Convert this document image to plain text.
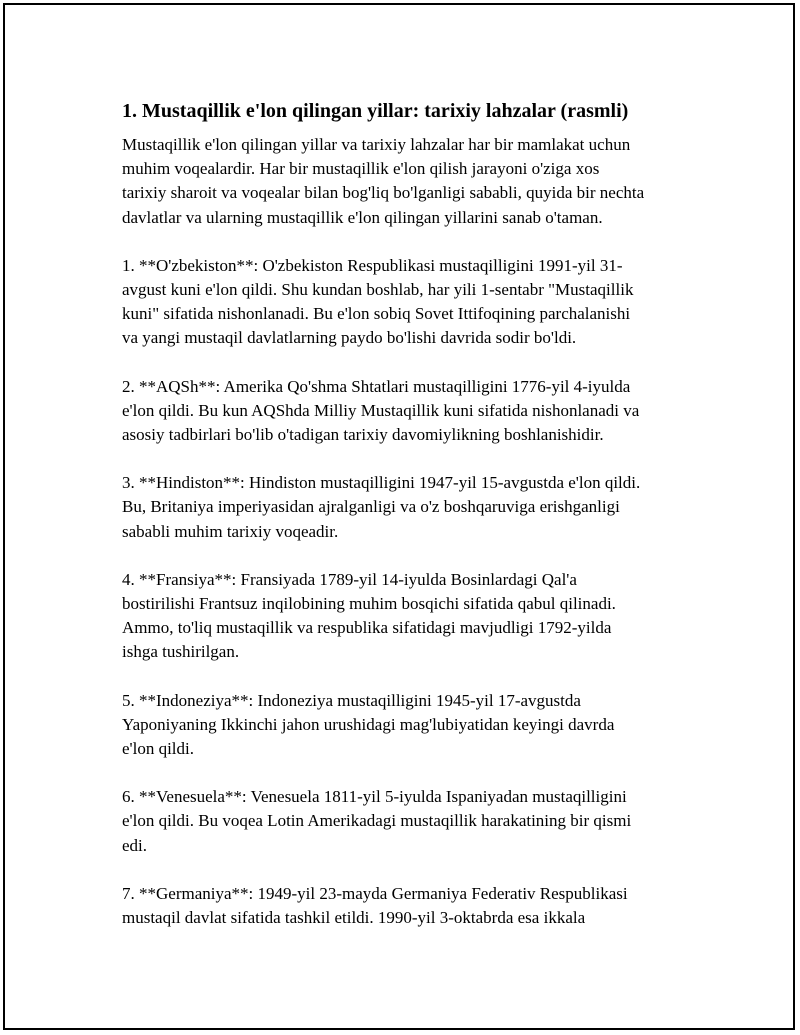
1. Mustaqillik e'lon qilingan yillar: tarixiy lahzalar (rasmli)

Mustaqillik e'lon qilingan yillar va tarixiy lahzalar har bir mamlakat uchun
muhim voqealardir. Har bir mustaqillik e'lon qilish jarayoni o'ziga xos
tarixiy sharoit va voqealar bilan bog'liq bo'lganligi sababli, quyida bir nechta
davlatlar va ularning mustaqillik e'lon qilingan yillarini sanab o'taman.

1. **O'zbekiston**: O'zbekiston Respublikasi mustaqilligini 1991-yil 31-
avgust kuni e'lon qildi. Shu kundan boshlab, har yili 1-sentabr "Mustaqillik
kuni" sifatida nishonlanadi. Bu e'lon sobiq Sovet Ittifoqining parchalanishi
va yangi mustaqil davlatlarning paydo bo'lishi davrida sodir bo'ldi.

2. **AQSh**: Amerika Qo'shma Shtatlari mustaqilligini 1776-yil 4-iyulda
e'lon qildi. Bu kun AQShda Milliy Mustaqillik kuni sifatida nishonlanadi va
asosiy tadbirlari bo'lib o'tadigan tarixiy davomiylikning boshlanishidir.

3. **Hindiston**: Hindiston mustaqilligini 1947-yil 15-avgustda e'lon qildi.
Bu, Britaniya imperiyasidan ajralganligi va o'z boshqaruviga erishganligi
sababli muhim tarixiy voqeadir.

4. **Fransiya**: Fransiyada 1789-yil 14-iyulda Bosinlardagi Qal'a
bostirilishi Frantsuz inqilobining muhim bosqichi sifatida qabul qilinadi.
Ammo, to'liq mustaqillik va respublika sifatidagi mavjudligi 1792-yilda
ishga tushirilgan.

5. **Indoneziya**: Indoneziya mustaqilligini 1945-yil 17-avgustda
Yaponiyaning Ikkinchi jahon urushidagi mag'lubiyatidan keyingi davrda
e'lon qildi.

6. **Venesuela**: Venesuela 1811-yil 5-iyulda Ispaniyadan mustaqilligini
e'lon qildi. Bu voqea Lotin Amerikadagi mustaqillik harakatining bir qismi
edi.

7. **Germaniya**: 1949-yil 23-mayda Germaniya Federativ Respublikasi
mustaqil davlat sifatida tashkil etildi. 1990-yil 3-oktabrda esa ikkala
